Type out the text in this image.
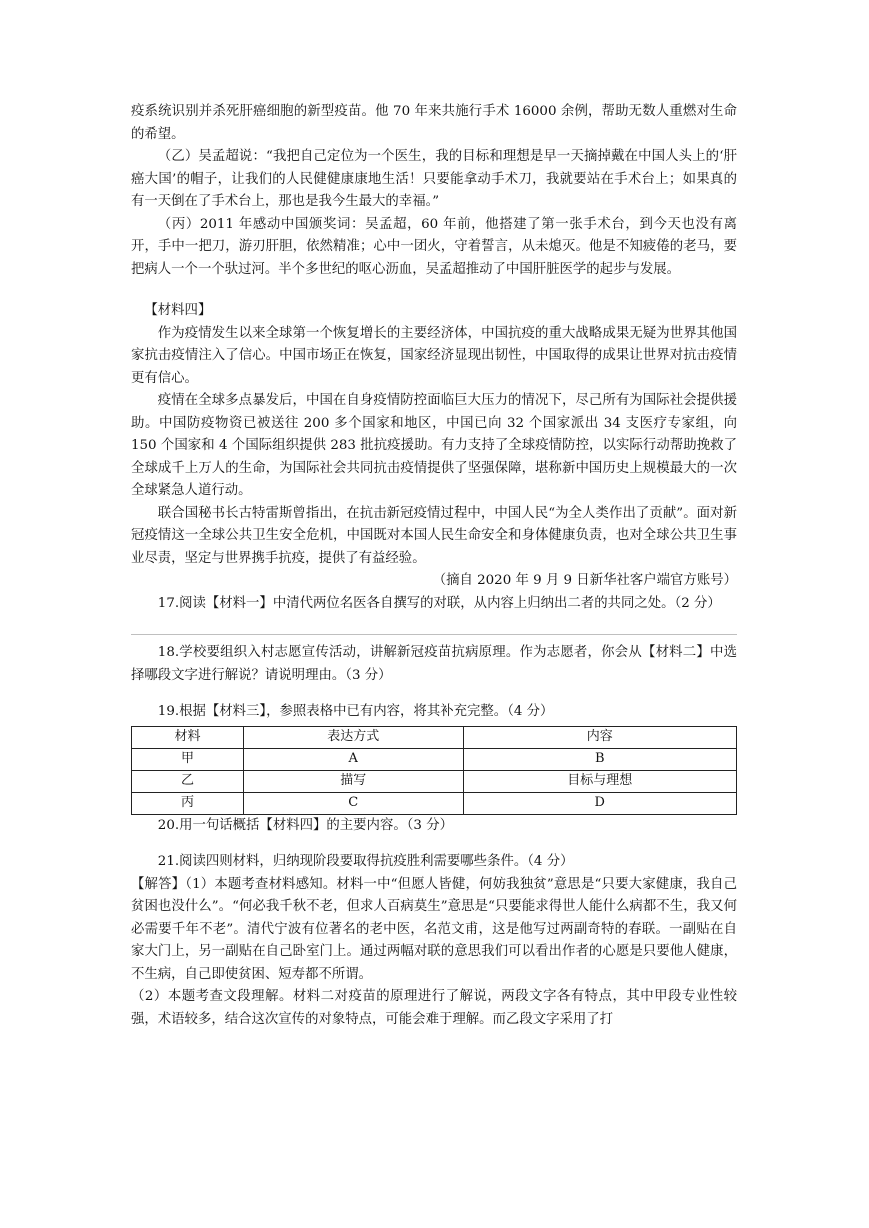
疫系统识别并杀死肝癌细胞的新型疫苗。他 70 年来共施行手术 16000 余例，帮助无数人重燃对生命的希望。

（乙）吴孟超说：“我把自己定位为一个医生，我的目标和理想是早一天摘掉戴在中国人头上的‘肝癌大国’的帽子，让我们的人民健健康康地生活！只要能拿动手术刀，我就要站在手术台上；如果真的有一天倒在了手术台上，那也是我今生最大的幸福。”

（丙）2011 年感动中国颁奖词：吴孟超，60 年前，他搭建了第一张手术台，到今天也没有离开，手中一把刀，游刃肝胆，依然精准；心中一团火，守着誓言，从未熄灭。他是不知疲倦的老马，要把病人一个一个驮过河。半个多世纪的呕心沥血，吴孟超推动了中国肝脏医学的起步与发展。

【材料四】

作为疫情发生以来全球第一个恢复增长的主要经济体，中国抗疫的重大战略成果无疑为世界其他国家抗击疫情注入了信心。中国市场正在恢复，国家经济显现出韧性，中国取得的成果让世界对抗击疫情更有信心。

疫情在全球多点暴发后，中国在自身疫情防控面临巨大压力的情况下，尽己所有为国际社会提供援助。中国防疫物资已被送往 200 多个国家和地区，中国已向 32 个国家派出 34 支医疗专家组，向 150 个国家和 4 个国际组织提供 283 批抗疫援助。有力支持了全球疫情防控，以实际行动帮助挽救了全球成千上万人的生命，为国际社会共同抗击疫情提供了坚强保障，堪称新中国历史上规模最大的一次全球紧急人道行动。

联合国秘书长古特雷斯曾指出，在抗击新冠疫情过程中，中国人民“为全人类作出了贡献”。面对新冠疫情这一全球公共卫生安全危机，中国既对本国人民生命安全和身体健康负责，也对全球公共卫生事业尽责，坚定与世界携手抗疫，提供了有益经验。

（摘自 2020 年 9 月 9 日新华社客户端官方账号）

17.阅读【材料一】中清代两位名医各自撰写的对联，从内容上归纳出二者的共同之处。（2 分）

18.学校要组织入村志愿宣传活动，讲解新冠疫苗抗病原理。作为志愿者，你会从【材料二】中选择哪段文字进行解说？请说明理由。（3 分）

19.根据【材料三】，参照表格中已有内容，将其补充完整。（4 分）

材料	表达方式	内容
甲	A	B
乙	描写	目标与理想
丙	C	D

20.用一句话概括【材料四】的主要内容。（3 分）

21.阅读四则材料，归纳现阶段要取得抗疫胜利需要哪些条件。（4 分）

【解答】（1）本题考查材料感知。材料一中“但愿人皆健，何妨我独贫”意思是“只要大家健康，我自己贫困也没什么”。“何必我千秋不老，但求人百病莫生”意思是“只要能求得世人能什么病都不生，我又何必需要千年不老”。清代宁波有位著名的老中医，名范文甫，这是他写过两副奇特的春联。一副贴在自家大门上，另一副贴在自己卧室门上。通过两幅对联的意思我们可以看出作者的心愿是只要他人健康，不生病，自己即使贫困、短寿都不所谓。

（2）本题考查文段理解。材料二对疫苗的原理进行了解说，两段文字各有特点，其中甲段专业性较强，术语较多，结合这次宣传的对象特点，可能会难于理解。而乙段文字采用了打
